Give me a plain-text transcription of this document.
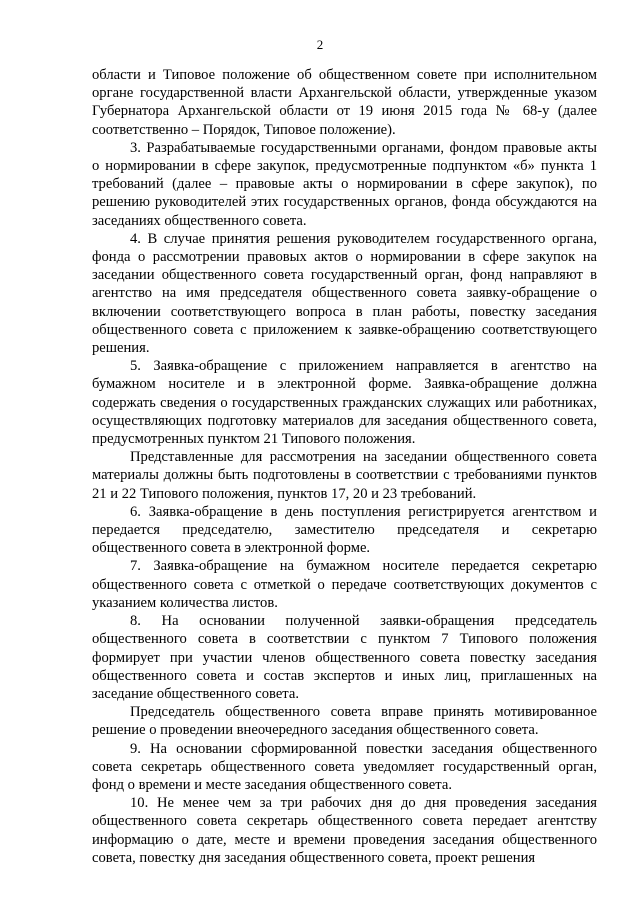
2

области и Типовое положение об общественном совете при исполнительном органе государственной власти Архангельской области, утвержденные указом Губернатора Архангельской области от 19 июня 2015 года № 68-у (далее соответственно – Порядок, Типовое положение).

3. Разрабатываемые государственными органами, фондом правовые акты о нормировании в сфере закупок, предусмотренные подпунктом «б» пункта 1 требований (далее – правовые акты о нормировании в сфере закупок), по решению руководителей этих государственных органов, фонда обсуждаются на заседаниях общественного совета.

4. В случае принятия решения руководителем государственного органа, фонда о рассмотрении правовых актов о нормировании в сфере закупок на заседании общественного совета государственный орган, фонд направляют в агентство на имя председателя общественного совета заявку-обращение о включении соответствующего вопроса в план работы, повестку заседания общественного совета с приложением к заявке-обращению соответствующего решения.

5. Заявка-обращение с приложением направляется в агентство на бумажном носителе и в электронной форме. Заявка-обращение должна содержать сведения о государственных гражданских служащих или работниках, осуществляющих подготовку материалов для заседания общественного совета, предусмотренных пунктом 21 Типового положения.

Представленные для рассмотрения на заседании общественного совета материалы должны быть подготовлены в соответствии с требованиями пунктов 21 и 22 Типового положения, пунктов 17, 20 и 23 требований.

6. Заявка-обращение в день поступления регистрируется агентством и передается председателю, заместителю председателя и секретарю общественного совета в электронной форме.

7. Заявка-обращение на бумажном носителе передается секретарю общественного совета с отметкой о передаче соответствующих документов с указанием количества листов.

8. На основании полученной заявки-обращения председатель общественного совета в соответствии с пунктом 7 Типового положения формирует при участии членов общественного совета повестку заседания общественного совета и состав экспертов и иных лиц, приглашенных на заседание общественного совета.

Председатель общественного совета вправе принять мотивированное решение о проведении внеочередного заседания общественного совета.

9. На основании сформированной повестки заседания общественного совета секретарь общественного совета уведомляет государственный орган, фонд о времени и месте заседания общественного совета.

10. Не менее чем за три рабочих дня до дня проведения заседания общественного совета секретарь общественного совета передает агентству информацию о дате, месте и времени проведения заседания общественного совета, повестку дня заседания общественного совета, проект решения
